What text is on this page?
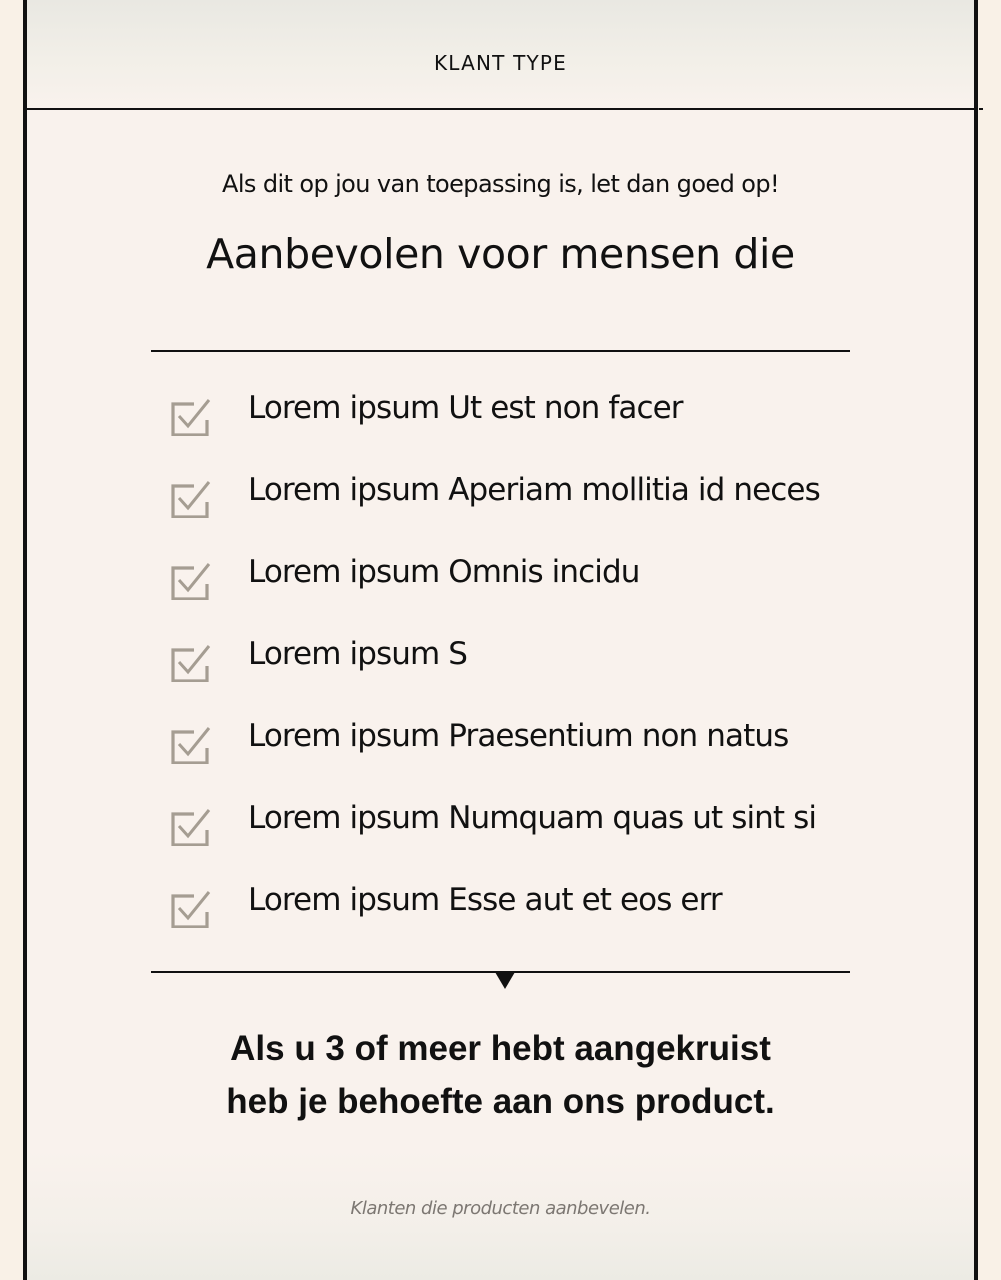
KLANT TYPE
Als dit op jou van toepassing is, let dan goed op!
Aanbevolen voor mensen die
Lorem ipsum Ut est non facer
Lorem ipsum Aperiam mollitia id neces
Lorem ipsum Omnis incidu
Lorem ipsum S
Lorem ipsum Praesentium non natus
Lorem ipsum Numquam quas ut sint si
Lorem ipsum Esse aut et eos err
Als u 3 of meer hebt aangekruist
heb je behoefte aan ons product.
Klanten die producten aanbevelen.
